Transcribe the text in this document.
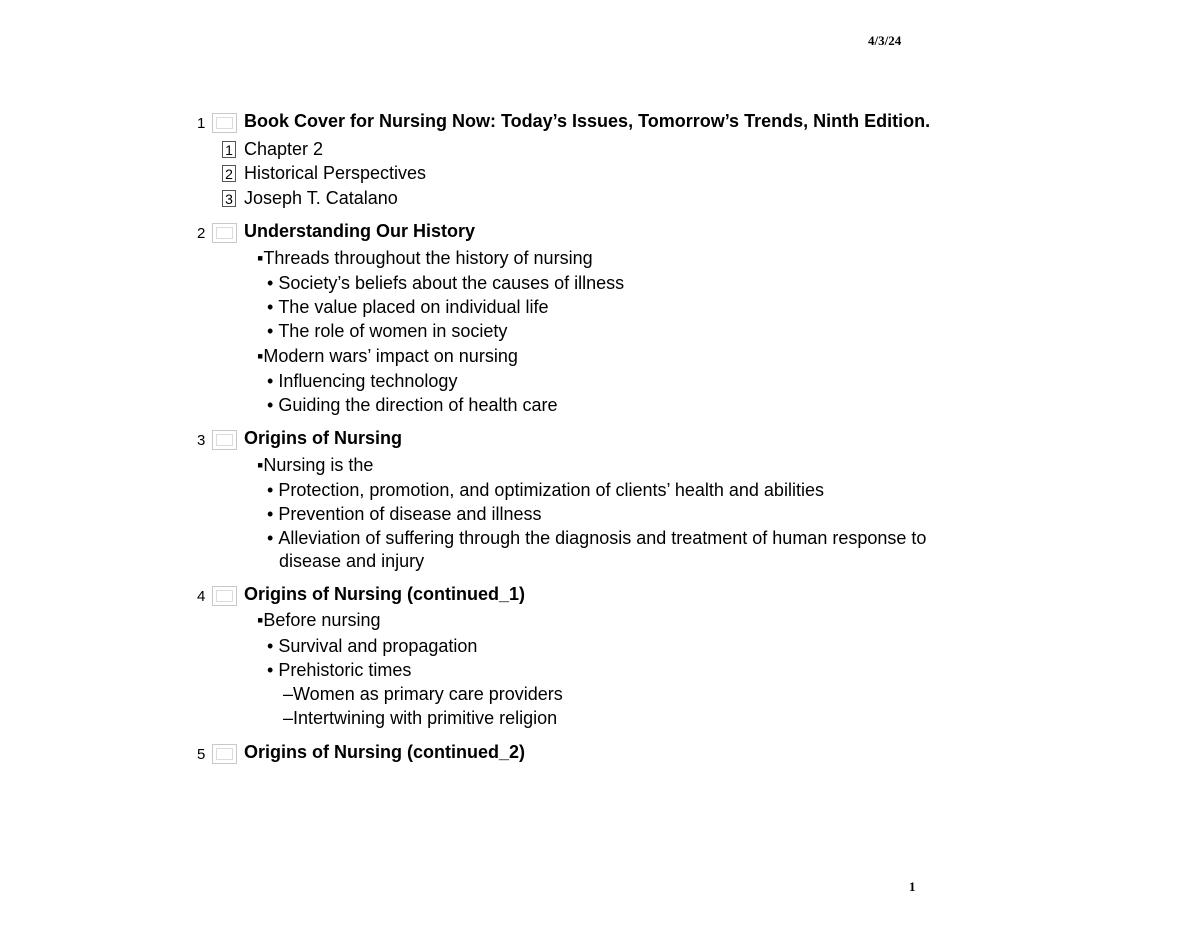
4/3/24
1 Book Cover for Nursing Now: Today’s Issues, Tomorrow’s Trends, Ninth Edition.
1 Chapter 2
2 Historical Perspectives
3 Joseph T. Catalano
2 Understanding Our History
▪Threads throughout the history of nursing
• Society’s beliefs about the causes of illness
• The value placed on individual life
• The role of women in society
▪Modern wars’ impact on nursing
• Influencing technology
• Guiding the direction of health care
3 Origins of Nursing
▪Nursing is the
• Protection, promotion, and optimization of clients’ health and abilities
• Prevention of disease and illness
• Alleviation of suffering through the diagnosis and treatment of human response to
disease and injury
4 Origins of Nursing (continued_1)
▪Before nursing
• Survival and propagation
• Prehistoric times
–Women as primary care providers
–Intertwining with primitive religion
5 Origins of Nursing (continued_2)
1
